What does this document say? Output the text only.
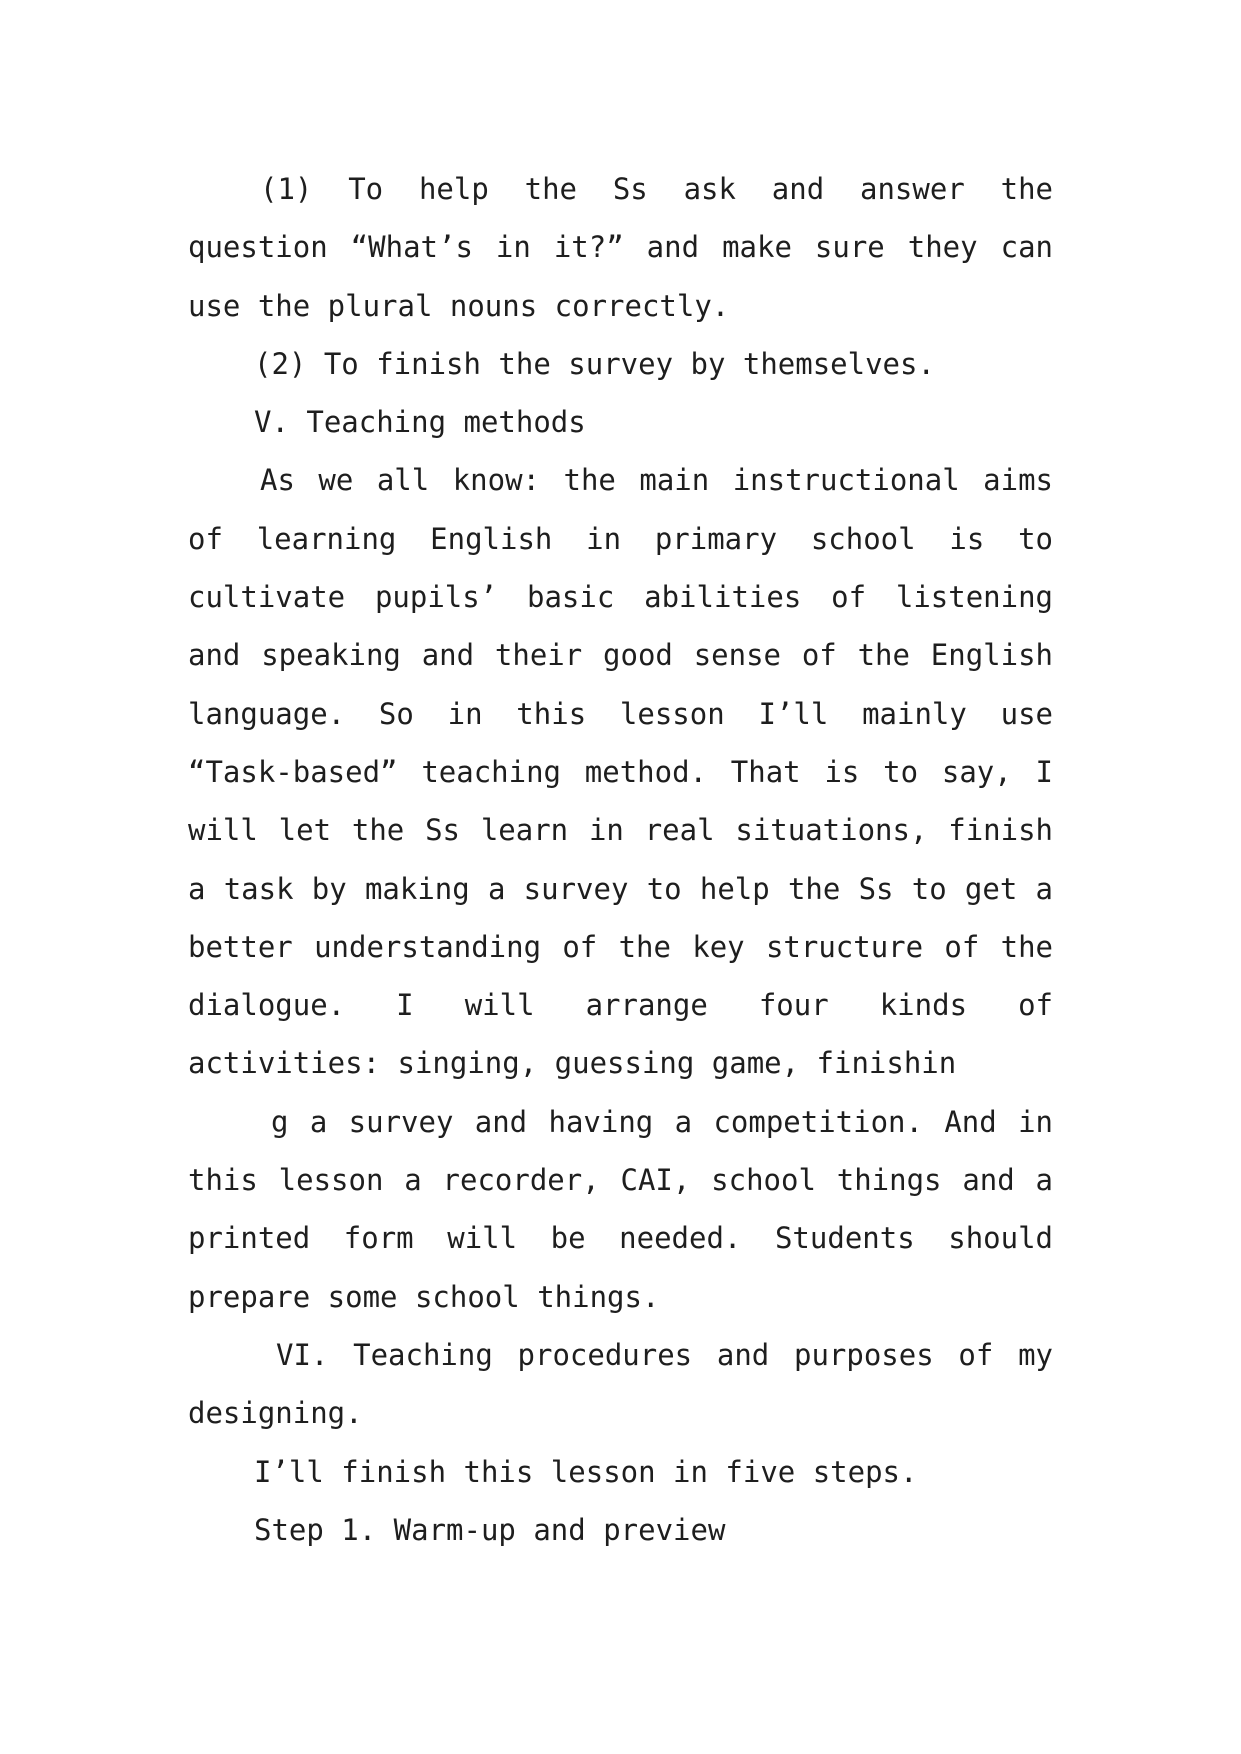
(1) To help the Ss ask and answer the question “What’s in it?” and make sure they can use the plural nouns correctly.

(2) To finish the survey by themselves.

V. Teaching methods

As we all know: the main instructional aims of learning English in primary school is to cultivate pupils’ basic abilities of listening and speaking and their good sense of the English language. So in this lesson I’ll mainly use “Task-based” teaching method. That is to say, I will let the Ss learn in real situations, finish a task by making a survey to help the Ss to get a better understanding of the key structure of the dialogue. I will arrange four kinds of activities: singing, guessing game, finishin

g a survey and having a competition. And in this lesson a recorder, CAI, school things and a printed form will be needed. Students should prepare some school things.

VI. Teaching procedures and purposes of my designing.

I’ll finish this lesson in five steps.

Step 1. Warm-up and preview
